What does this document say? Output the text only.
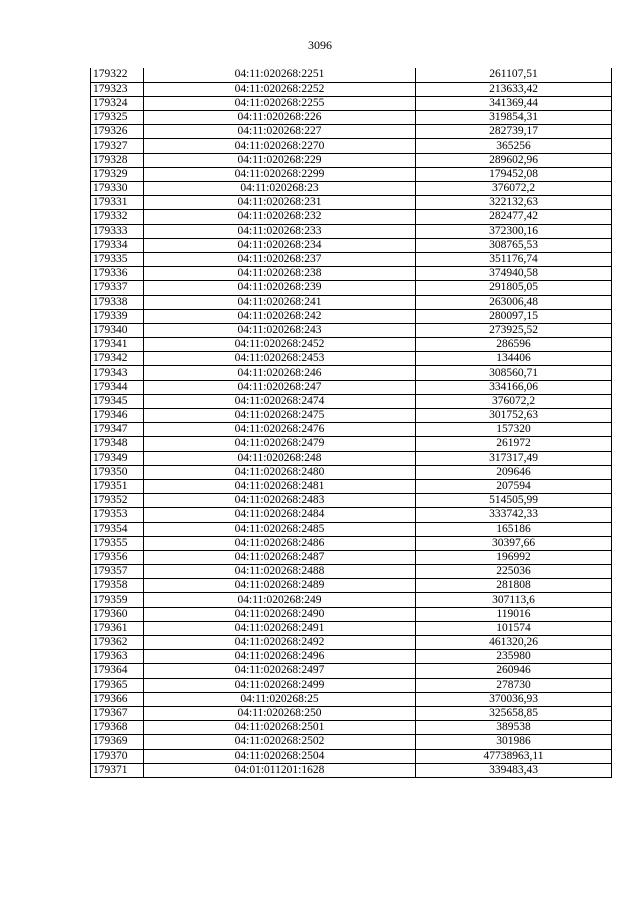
3096
179322	04:11:020268:2251	261107,51
179323	04:11:020268:2252	213633,42
179324	04:11:020268:2255	341369,44
179325	04:11:020268:226	319854,31
179326	04:11:020268:227	282739,17
179327	04:11:020268:2270	365256
179328	04:11:020268:229	289602,96
179329	04:11:020268:2299	179452,08
179330	04:11:020268:23	376072,2
179331	04:11:020268:231	322132,63
179332	04:11:020268:232	282477,42
179333	04:11:020268:233	372300,16
179334	04:11:020268:234	308765,53
179335	04:11:020268:237	351176,74
179336	04:11:020268:238	374940,58
179337	04:11:020268:239	291805,05
179338	04:11:020268:241	263006,48
179339	04:11:020268:242	280097,15
179340	04:11:020268:243	273925,52
179341	04:11:020268:2452	286596
179342	04:11:020268:2453	134406
179343	04:11:020268:246	308560,71
179344	04:11:020268:247	334166,06
179345	04:11:020268:2474	376072,2
179346	04:11:020268:2475	301752,63
179347	04:11:020268:2476	157320
179348	04:11:020268:2479	261972
179349	04:11:020268:248	317317,49
179350	04:11:020268:2480	209646
179351	04:11:020268:2481	207594
179352	04:11:020268:2483	514505,99
179353	04:11:020268:2484	333742,33
179354	04:11:020268:2485	165186
179355	04:11:020268:2486	30397,66
179356	04:11:020268:2487	196992
179357	04:11:020268:2488	225036
179358	04:11:020268:2489	281808
179359	04:11:020268:249	307113,6
179360	04:11:020268:2490	119016
179361	04:11:020268:2491	101574
179362	04:11:020268:2492	461320,26
179363	04:11:020268:2496	235980
179364	04:11:020268:2497	260946
179365	04:11:020268:2499	278730
179366	04:11:020268:25	370036,93
179367	04:11:020268:250	325658,85
179368	04:11:020268:2501	389538
179369	04:11:020268:2502	301986
179370	04:11:020268:2504	47738963,11
179371	04:01:011201:1628	339483,43
